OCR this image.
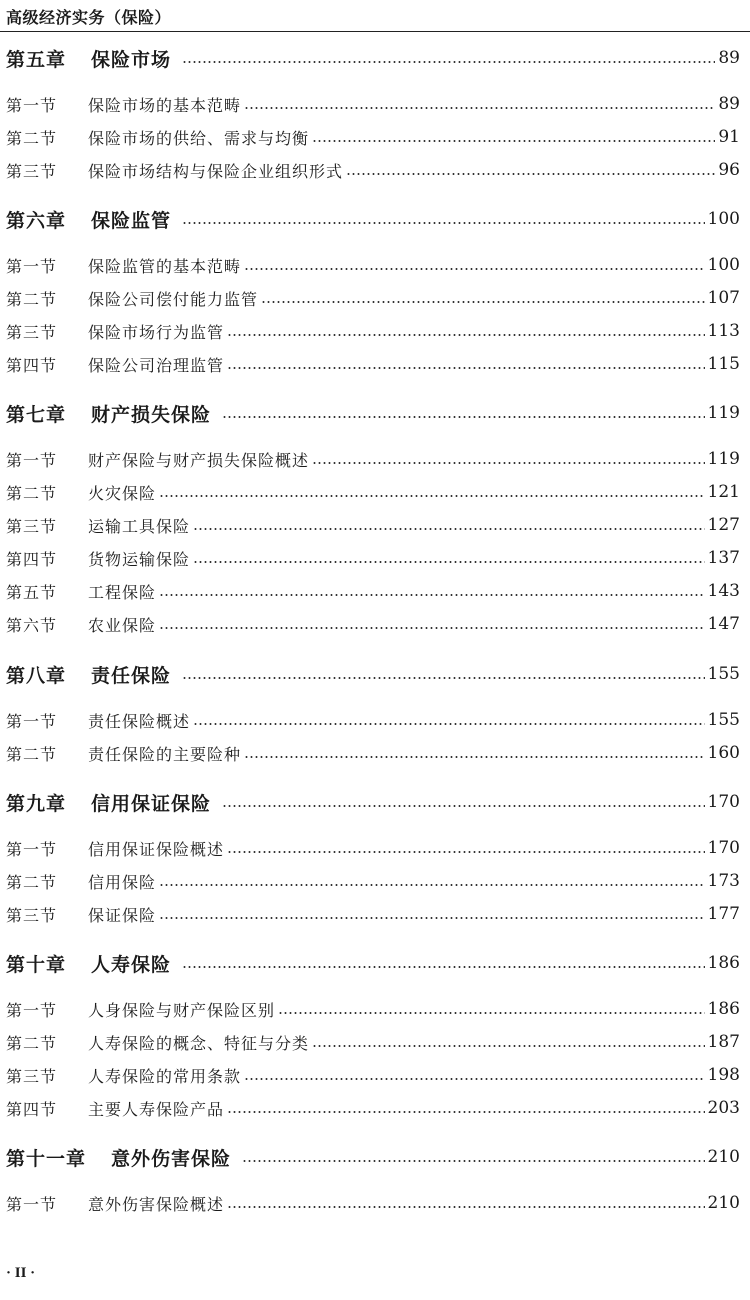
高级经济实务（保险）
第五章 保险市场	89
第一节	保险市场的基本范畴	89
第二节	保险市场的供给、需求与均衡	91
第三节	保险市场结构与保险企业组织形式	96
第六章 保险监管	100
第一节	保险监管的基本范畴	100
第二节	保险公司偿付能力监管	107
第三节	保险市场行为监管	113
第四节	保险公司治理监管	115
第七章 财产损失保险	119
第一节	财产保险与财产损失保险概述	119
第二节	火灾保险	121
第三节	运输工具保险	127
第四节	货物运输保险	137
第五节	工程保险	143
第六节	农业保险	147
第八章 责任保险	155
第一节	责任保险概述	155
第二节	责任保险的主要险种	160
第九章 信用保证保险	170
第一节	信用保证保险概述	170
第二节	信用保险	173
第三节	保证保险	177
第十章 人寿保险	186
第一节	人身保险与财产保险区别	186
第二节	人寿保险的概念、特征与分类	187
第三节	人寿保险的常用条款	198
第四节	主要人寿保险产品	203
第十一章 意外伤害保险	210
第一节	意外伤害保险概述	210
· II ·
